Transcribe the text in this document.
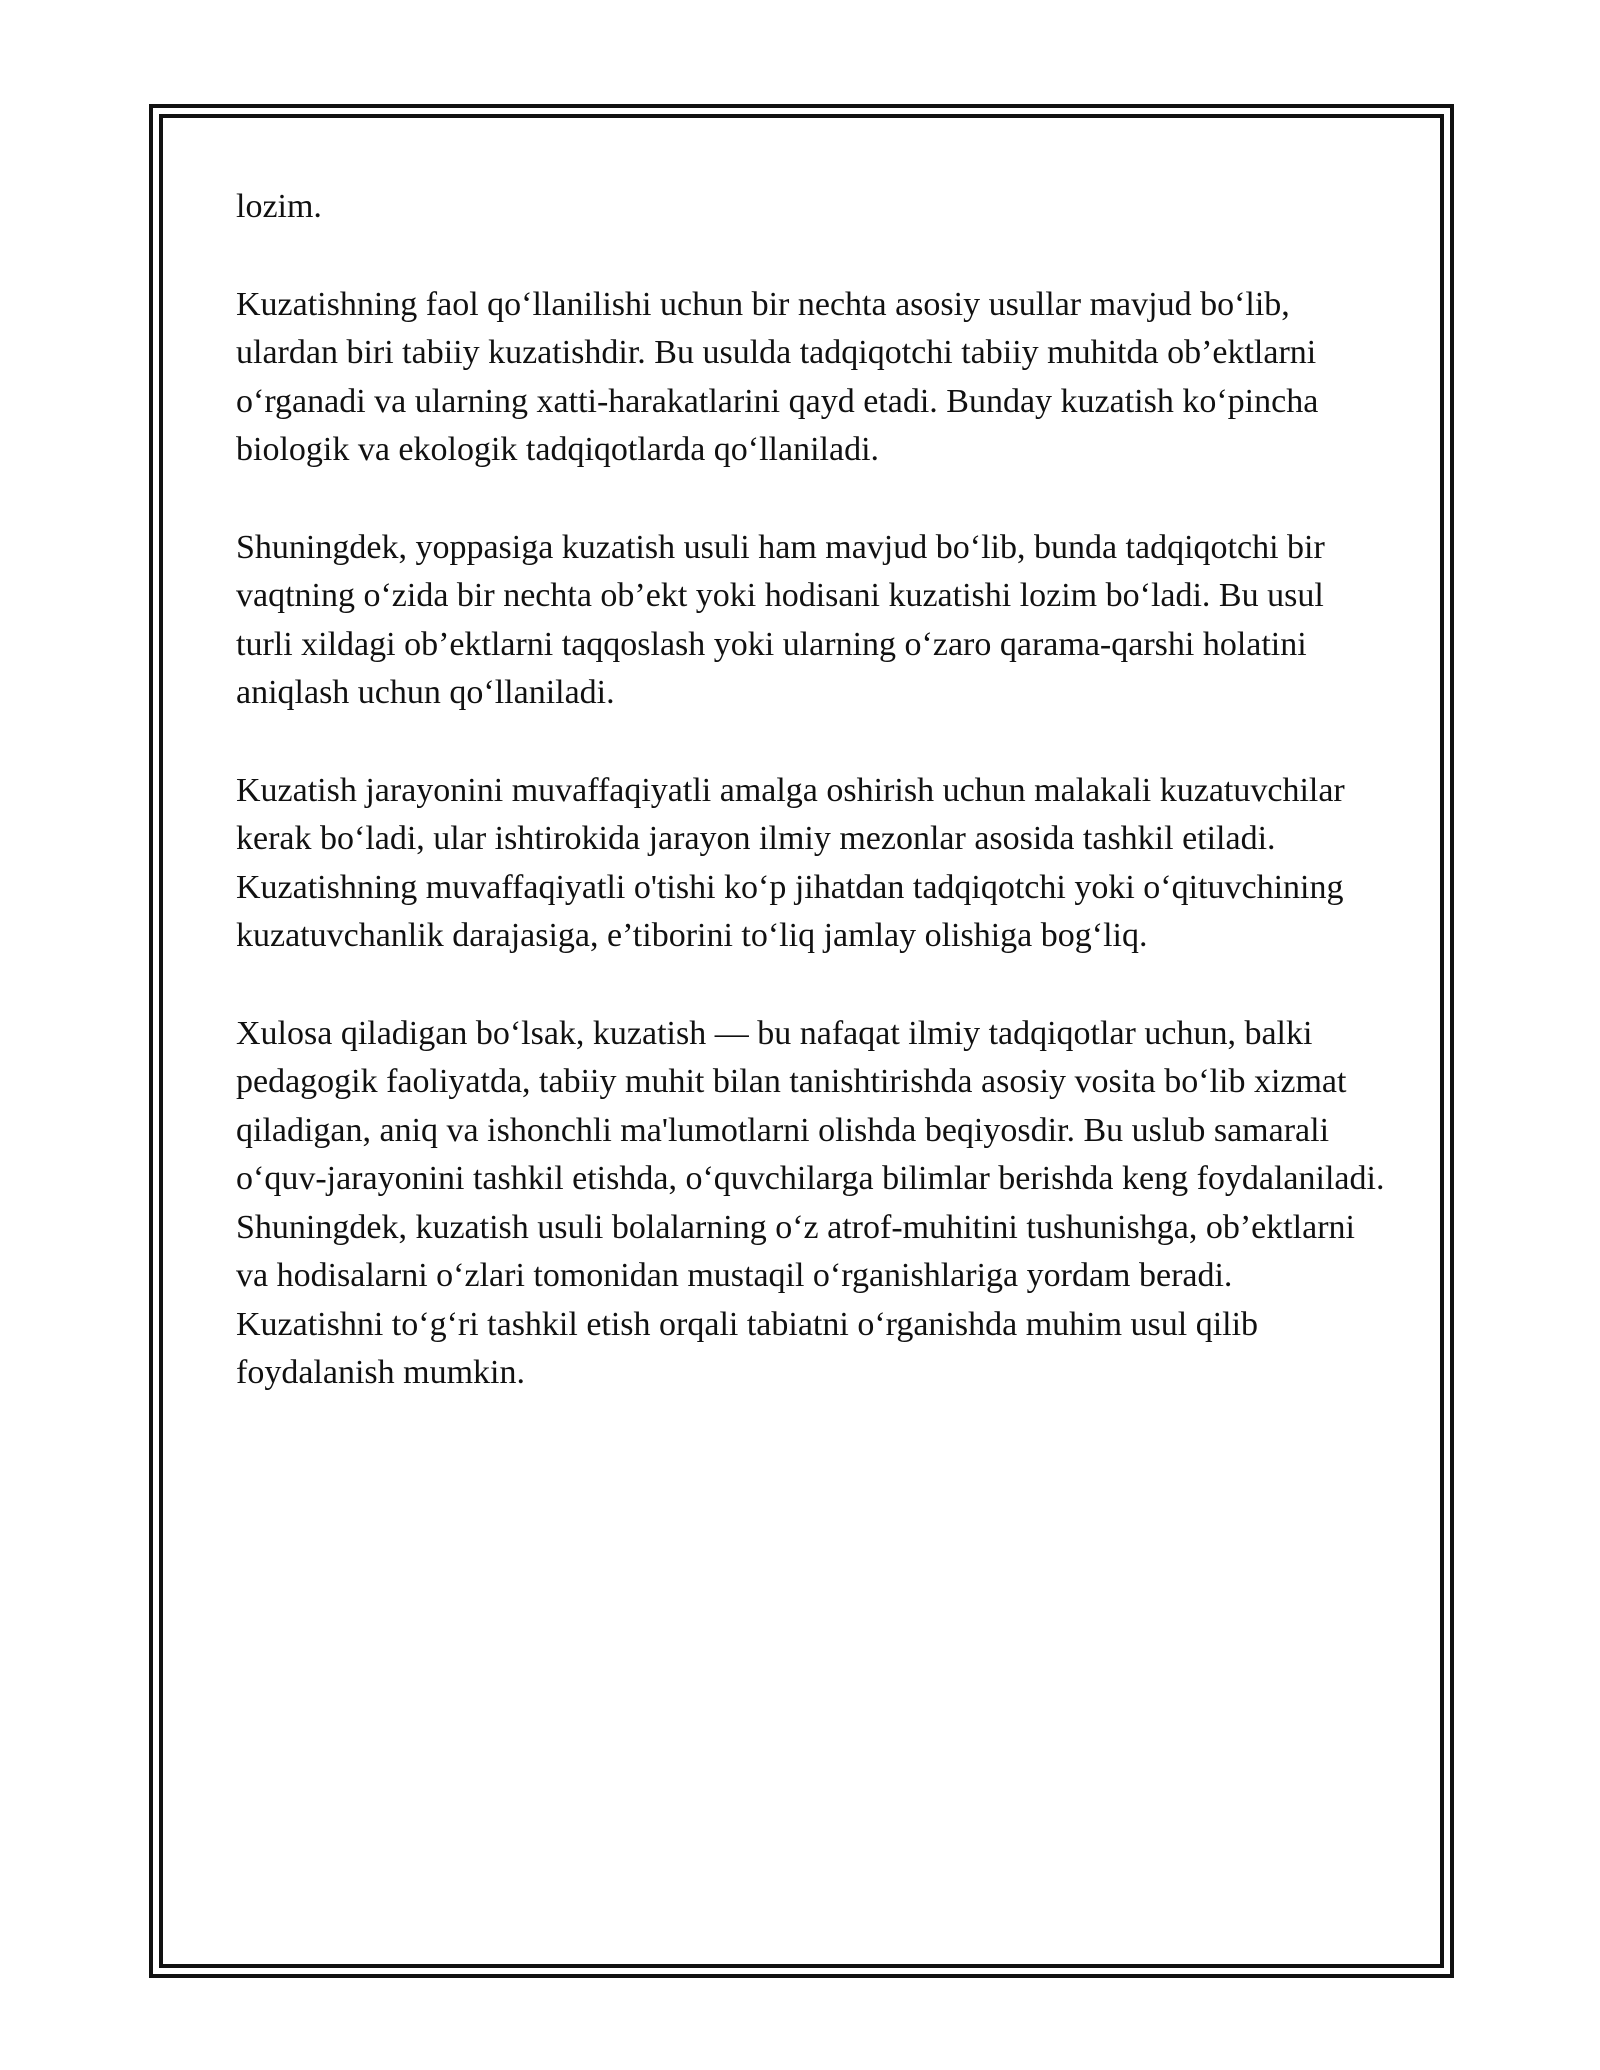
lozim.

Kuzatishning faol qo‘llanilishi uchun bir nechta asosiy usullar mavjud bo‘lib, ulardan biri tabiiy kuzatishdir. Bu usulda tadqiqotchi tabiiy muhitda ob’ektlarni o‘rganadi va ularning xatti-harakatlarini qayd etadi. Bunday kuzatish ko‘pincha biologik va ekologik tadqiqotlarda qo‘llaniladi.

Shuningdek, yoppasiga kuzatish usuli ham mavjud bo‘lib, bunda tadqiqotchi bir vaqtning o‘zida bir nechta ob’ekt yoki hodisani kuzatishi lozim bo‘ladi. Bu usul turli xildagi ob’ektlarni taqqoslash yoki ularning o‘zaro qarama-qarshi holatini aniqlash uchun qo‘llaniladi.

Kuzatish jarayonini muvaffaqiyatli amalga oshirish uchun malakali kuzatuvchilar kerak bo‘ladi, ular ishtirokida jarayon ilmiy mezonlar asosida tashkil etiladi. Kuzatishning muvaffaqiyatli o'tishi ko‘p jihatdan tadqiqotchi yoki o‘qituvchining kuzatuvchanlik darajasiga, e’tiborini to‘liq jamlay olishiga bog‘liq.

Xulosa qiladigan bo‘lsak, kuzatish — bu nafaqat ilmiy tadqiqotlar uchun, balki pedagogik faoliyatda, tabiiy muhit bilan tanishtirishda asosiy vosita bo‘lib xizmat qiladigan, aniq va ishonchli ma'lumotlarni olishda beqiyosdir. Bu uslub samarali o‘quv-jarayonini tashkil etishda, o‘quvchilarga bilimlar berishda keng foydalaniladi. Shuningdek, kuzatish usuli bolalarning o‘z atrof-muhitini tushunishga, ob’ektlarni va hodisalarni o‘zlari tomonidan mustaqil o‘rganishlariga yordam beradi. Kuzatishni to‘g‘ri tashkil etish orqali tabiatni o‘rganishda muhim usul qilib foydalanish mumkin.
